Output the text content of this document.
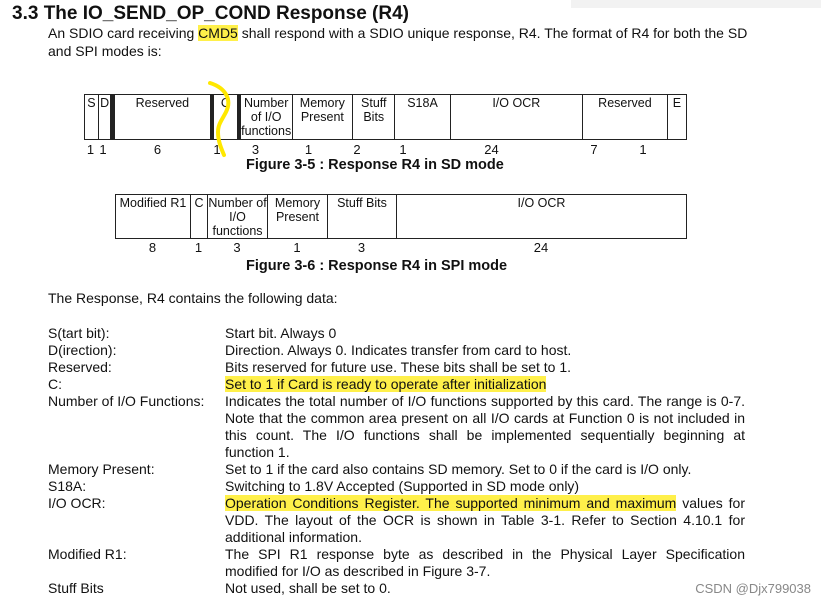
3.3 The IO_SEND_OP_COND Response (R4)
An SDIO card receiving CMD5 shall respond with a SDIO unique response, R4. The format of R4 for both the SD and SPI modes is:
S	D		Reserved		C		Number of I/O functions	Memory Present	Stuff Bits	S18A	I/O OCR	Reserved	E
1 1	6	1 3	1	2	1	24	7	1
Figure 3-5 : Response R4 in SD mode
Modified R1	C	Number of I/O functions	Memory Present	Stuff Bits	I/O OCR
8	1 3	1	3	24
Figure 3-6 : Response R4 in SPI mode
The Response, R4 contains the following data:
S(tart bit):	Start bit. Always 0
D(irection):	Direction. Always 0. Indicates transfer from card to host.
Reserved:	Bits reserved for future use. These bits shall be set to 1.
C:	Set to 1 if Card is ready to operate after initialization
Number of I/O Functions: Indicates the total number of I/O functions supported by this card. The range is 0-7. Note that the common area present on all I/O cards at Function 0 is not included in this count. The I/O functions shall be implemented sequentially beginning at function 1.
Memory Present:	Set to 1 if the card also contains SD memory. Set to 0 if the card is I/O only.
S18A:	Switching to 1.8V Accepted (Supported in SD mode only)
I/O OCR:	Operation Conditions Register. The supported minimum and maximum values for VDD. The layout of the OCR is shown in Table 3-1. Refer to Section 4.10.1 for additional information.
Modified R1:	The SPI R1 response byte as described in the Physical Layer Specification modified for I/O as described in Figure 3-7.
Stuff Bits	Not used, shall be set to 0.	CSDN @Djx799038
